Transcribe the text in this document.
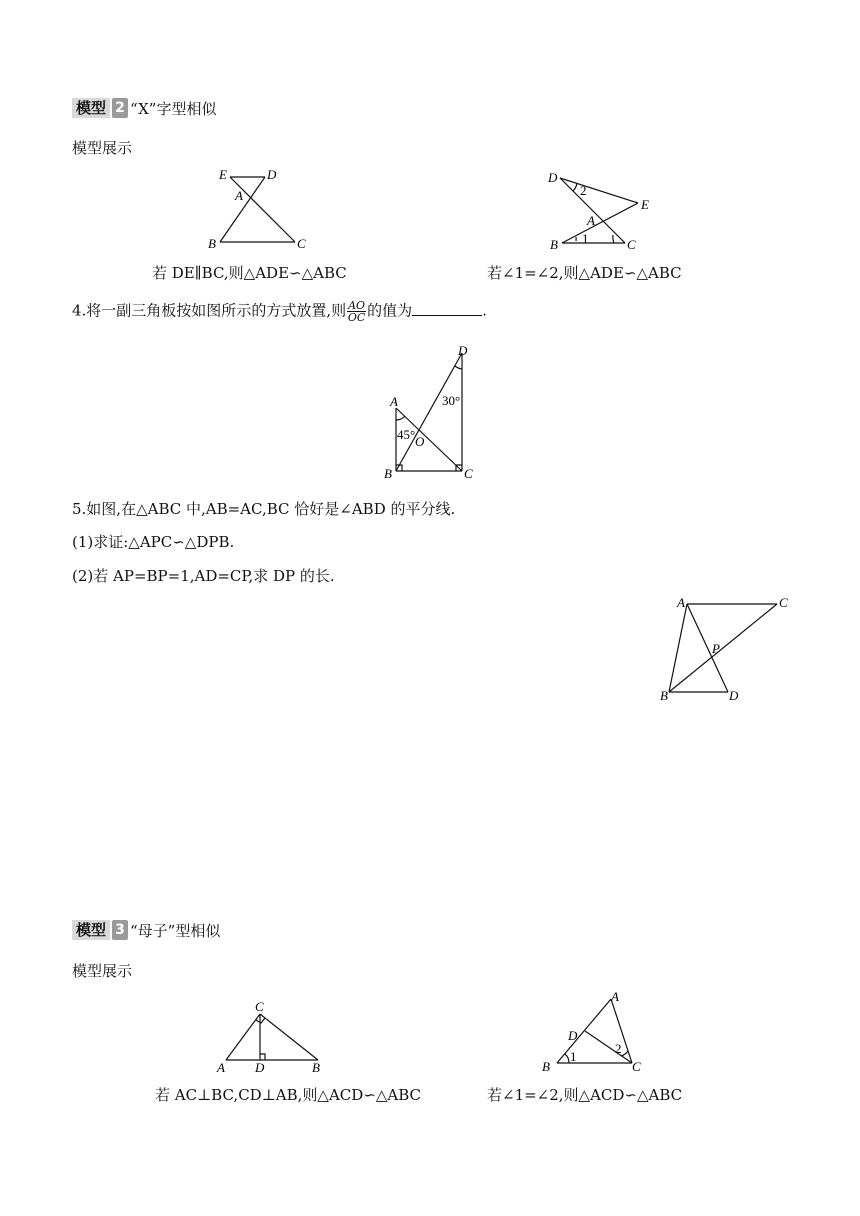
模型 2 “X”字型相似
模型展示
E	D
A
B	C
D
E
A
B	C
1
2
若 DE∥BC,则△ADE∽△ABC	若∠1=∠2,则△ADE∽△ABC
4.将一副三角板按如图所示的方式放置,则 $\frac{AO}{OC}$ 的值为	.
A
B	C
D
O
45°
30°
5.如图,在△ABC 中,AB=AC,BC 恰好是∠ABD 的平分线.
(1)求证:△APC∽△DPB.
(2)若 AP=BP=1,AD=CP,求 DP 的长.
A	C
P
B	D
模型 3 “母子”型相似
模型展示
C
A D	B
A
D
B	C
1
2
若 AC⊥BC,CD⊥AB,则△ACD∽△ABC	若∠1=∠2,则△ACD∽△ABC
